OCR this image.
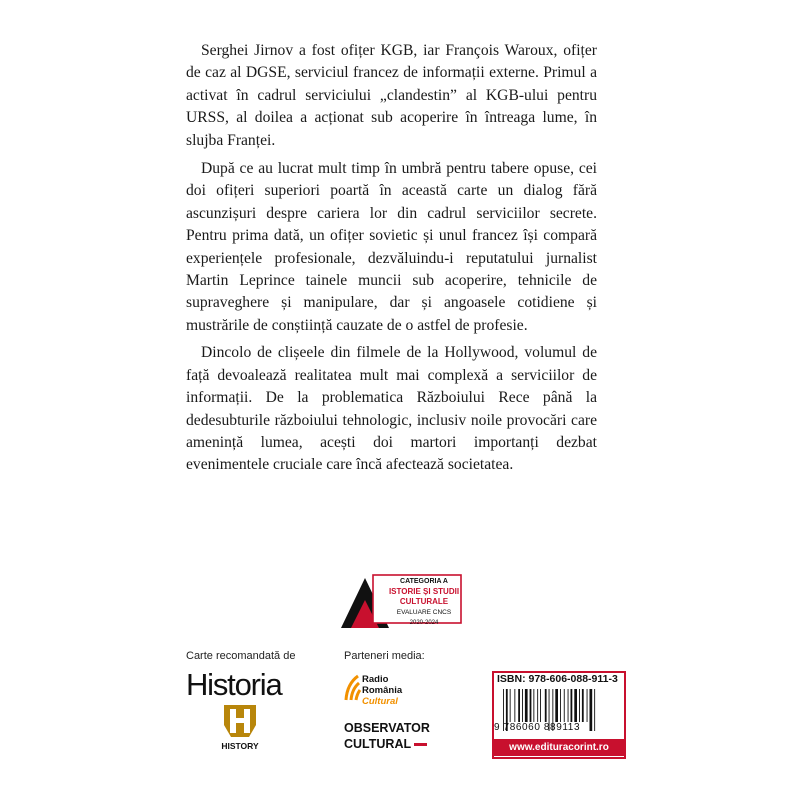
Serghei Jirnov a fost ofițer KGB, iar François Waroux, ofițer de caz al DGSE, serviciul francez de informații externe. Primul a activat în cadrul serviciului „clandestin” al KGB-ului pentru URSS, al doilea a acționat sub acoperire în întreaga lume, în slujba Franței.

După ce au lucrat mult timp în umbră pentru tabere opuse, cei doi ofițeri superiori poartă în această carte un dialog fără ascunzișuri despre cariera lor din cadrul serviciilor secrete. Pentru prima dată, un ofițer sovietic și unul francez își compară experiențele profesionale, dezvăluindu-i reputatului jurnalist Martin Leprince tainele muncii sub acoperire, tehnicile de supraveghere și manipulare, dar și angoasele cotidiene și mustrările de conștiință cauzate de o astfel de profesie.

Dincolo de clișeele din filmele de la Hollywood, volumul de față devoalează realitatea mult mai complexă a serviciilor de informații. De la problematica Războiului Rece până la dedesubturile războiului tehnologic, inclusiv noile provocări care amenință lumea, acești doi martori importanți dezbat evenimentele cruciale care încă afectează societatea.

CATEGORIA A
ISTORIE ȘI STUDII
CULTURALE
EVALUARE CNCS
2020-2024
Carte recomandată de
Historia
HISTORY
Parteneri media:
Radio
România
Cultural
OBSERVATOR
CULTURAL
ISBN: 978-606-088-911-3
9 786060 889113
www.edituracorint.ro
